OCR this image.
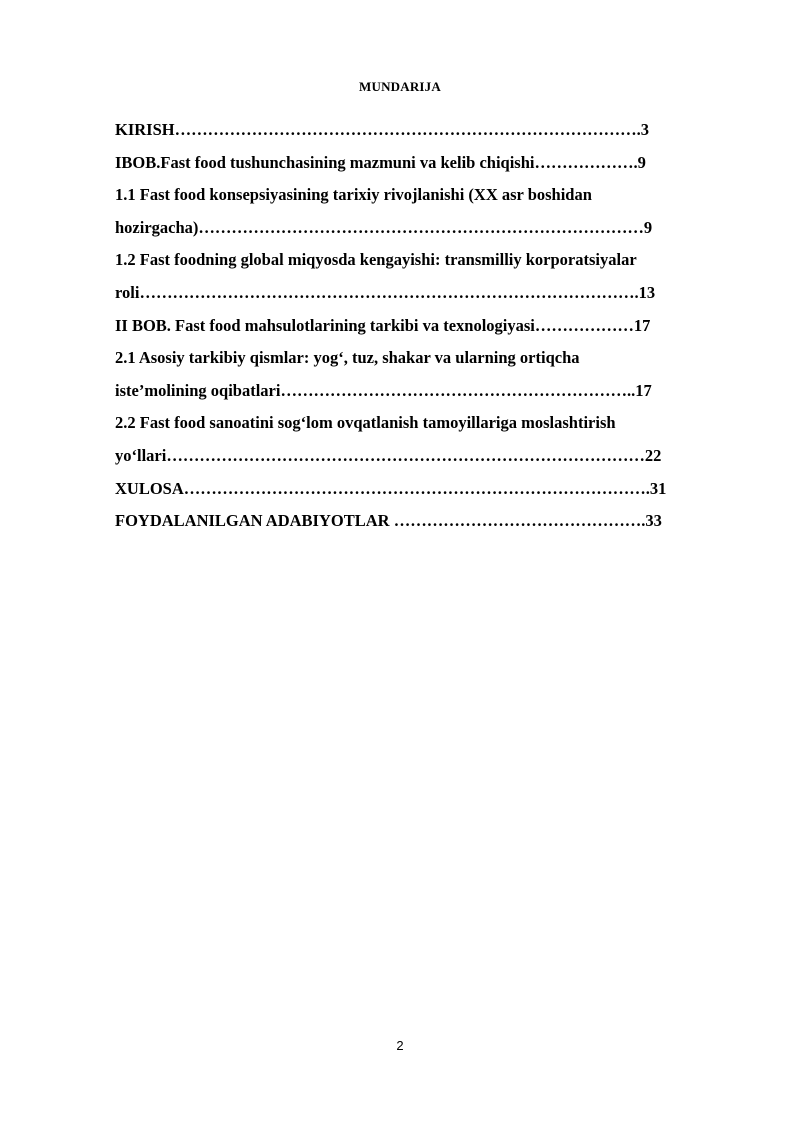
MUNDARIJA
KIRISH………………………………………………………………………….3
IBOB.Fast food tushunchasining mazmuni va kelib chiqishi……………….9
1.1 Fast food konsepsiyasining tarixiy rivojlanishi (XX asr boshidan
hozirgacha)………………………………………………………………………9
1.2 Fast foodning global miqyosda kengayishi: transmilliy korporatsiyalar
roli……………………………………………………………………………….13
II BOB. Fast food mahsulotlarining tarkibi va texnologiyasi………………17
2.1 Asosiy tarkibiy qismlar: yog‘, tuz, shakar va ularning ortiqcha
iste’molining oqibatlari………………………………………………………..17
2.2 Fast food sanoatini sog‘lom ovqatlanish tamoyillariga moslashtirish
yo‘llari……………………………………………………………………………22
XULOSA………………………………………………………………………….31
FOYDALANILGAN ADABIYOTLAR ……………………………………….33
2
